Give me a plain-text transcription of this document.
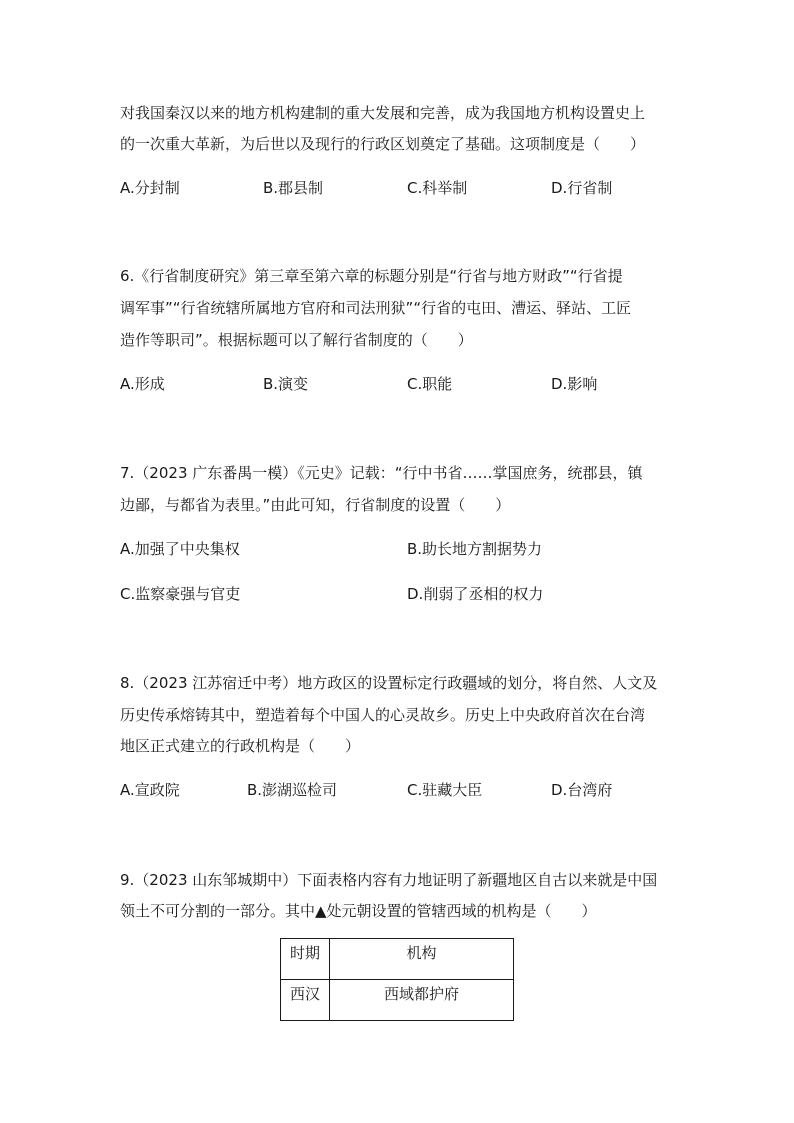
对我国秦汉以来的地方机构建制的重大发展和完善，成为我国地方机构设置史上
的一次重大革新，为后世以及现行的行政区划奠定了基础。这项制度是（　　）
A.分封制	B.郡县制	C.科举制	D.行省制
6.《行省制度研究》第三章至第六章的标题分别是“行省与地方财政”“行省提
调军事”“行省统辖所属地方官府和司法刑狱”“行省的屯田、漕运、驿站、工匠
造作等职司”。根据标题可以了解行省制度的（　　）
A.形成	B.演变	C.职能	D.影响
7.（2023 广东番禺一模）《元史》记载：“行中书省……掌国庶务，统郡县，镇
边鄙，与都省为表里。”由此可知，行省制度的设置（　　）
A.加强了中央集权	B.助长地方割据势力
C.监察豪强与官吏	D.削弱了丞相的权力
8.（2023 江苏宿迁中考）地方政区的设置标定行政疆域的划分，将自然、人文及
历史传承熔铸其中，塑造着每个中国人的心灵故乡。历史上中央政府首次在台湾
地区正式建立的行政机构是（　　）
A.宣政院	B.澎湖巡检司	C.驻藏大臣	D.台湾府
9.（2023 山东邹城期中）下面表格内容有力地证明了新疆地区自古以来就是中国
领土不可分割的一部分。其中▲处元朝设置的管辖西域的机构是（　　）
时期	机构
西汉	西域都护府
